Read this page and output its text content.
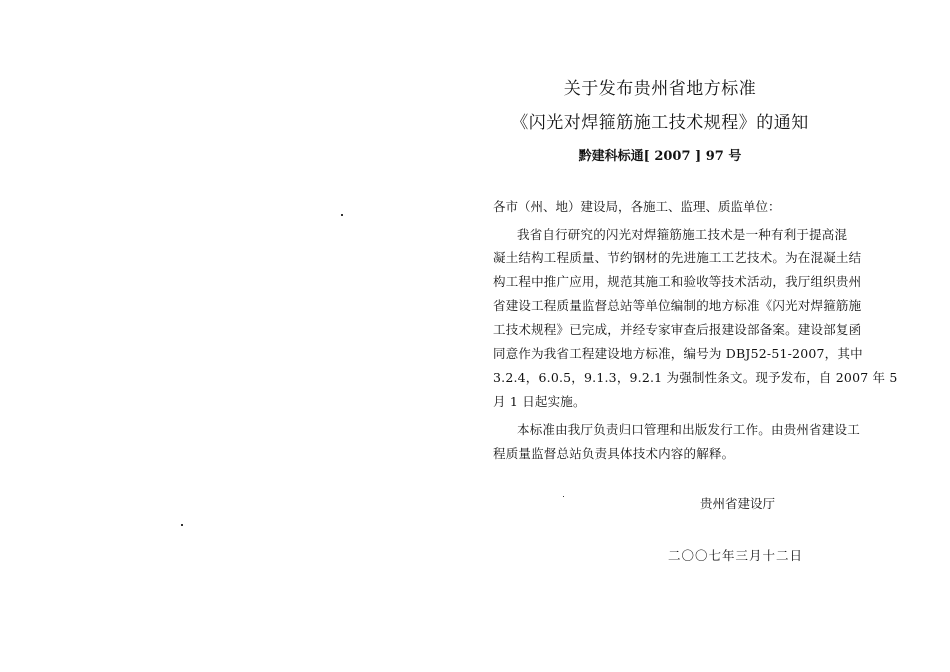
关于发布贵州省地方标准
《闪光对焊箍筋施工技术规程》的通知
黔建科标通[ 2007 ] 97 号
各市（州、地）建设局，各施工、监理、质监单位：
我省自行研究的闪光对焊箍筋施工技术是一种有利于提高混
凝土结构工程质量、节约钢材的先进施工工艺技术。为在混凝土结
构工程中推广应用，规范其施工和验收等技术活动，我厅组织贵州
省建设工程质量监督总站等单位编制的地方标准《闪光对焊箍筋施
工技术规程》已完成，并经专家审查后报建设部备案。建设部复函
同意作为我省工程建设地方标准，编号为 DBJ52-51-2007，其中
3.2.4，6.0.5，9.1.3，9.2.1 为强制性条文。现予发布，自 2007 年 5
月 1 日起实施。
本标准由我厅负责归口管理和出版发行工作。由贵州省建设工
程质量监督总站负责具体技术内容的解释。
贵州省建设厅
二〇〇七年三月十二日
